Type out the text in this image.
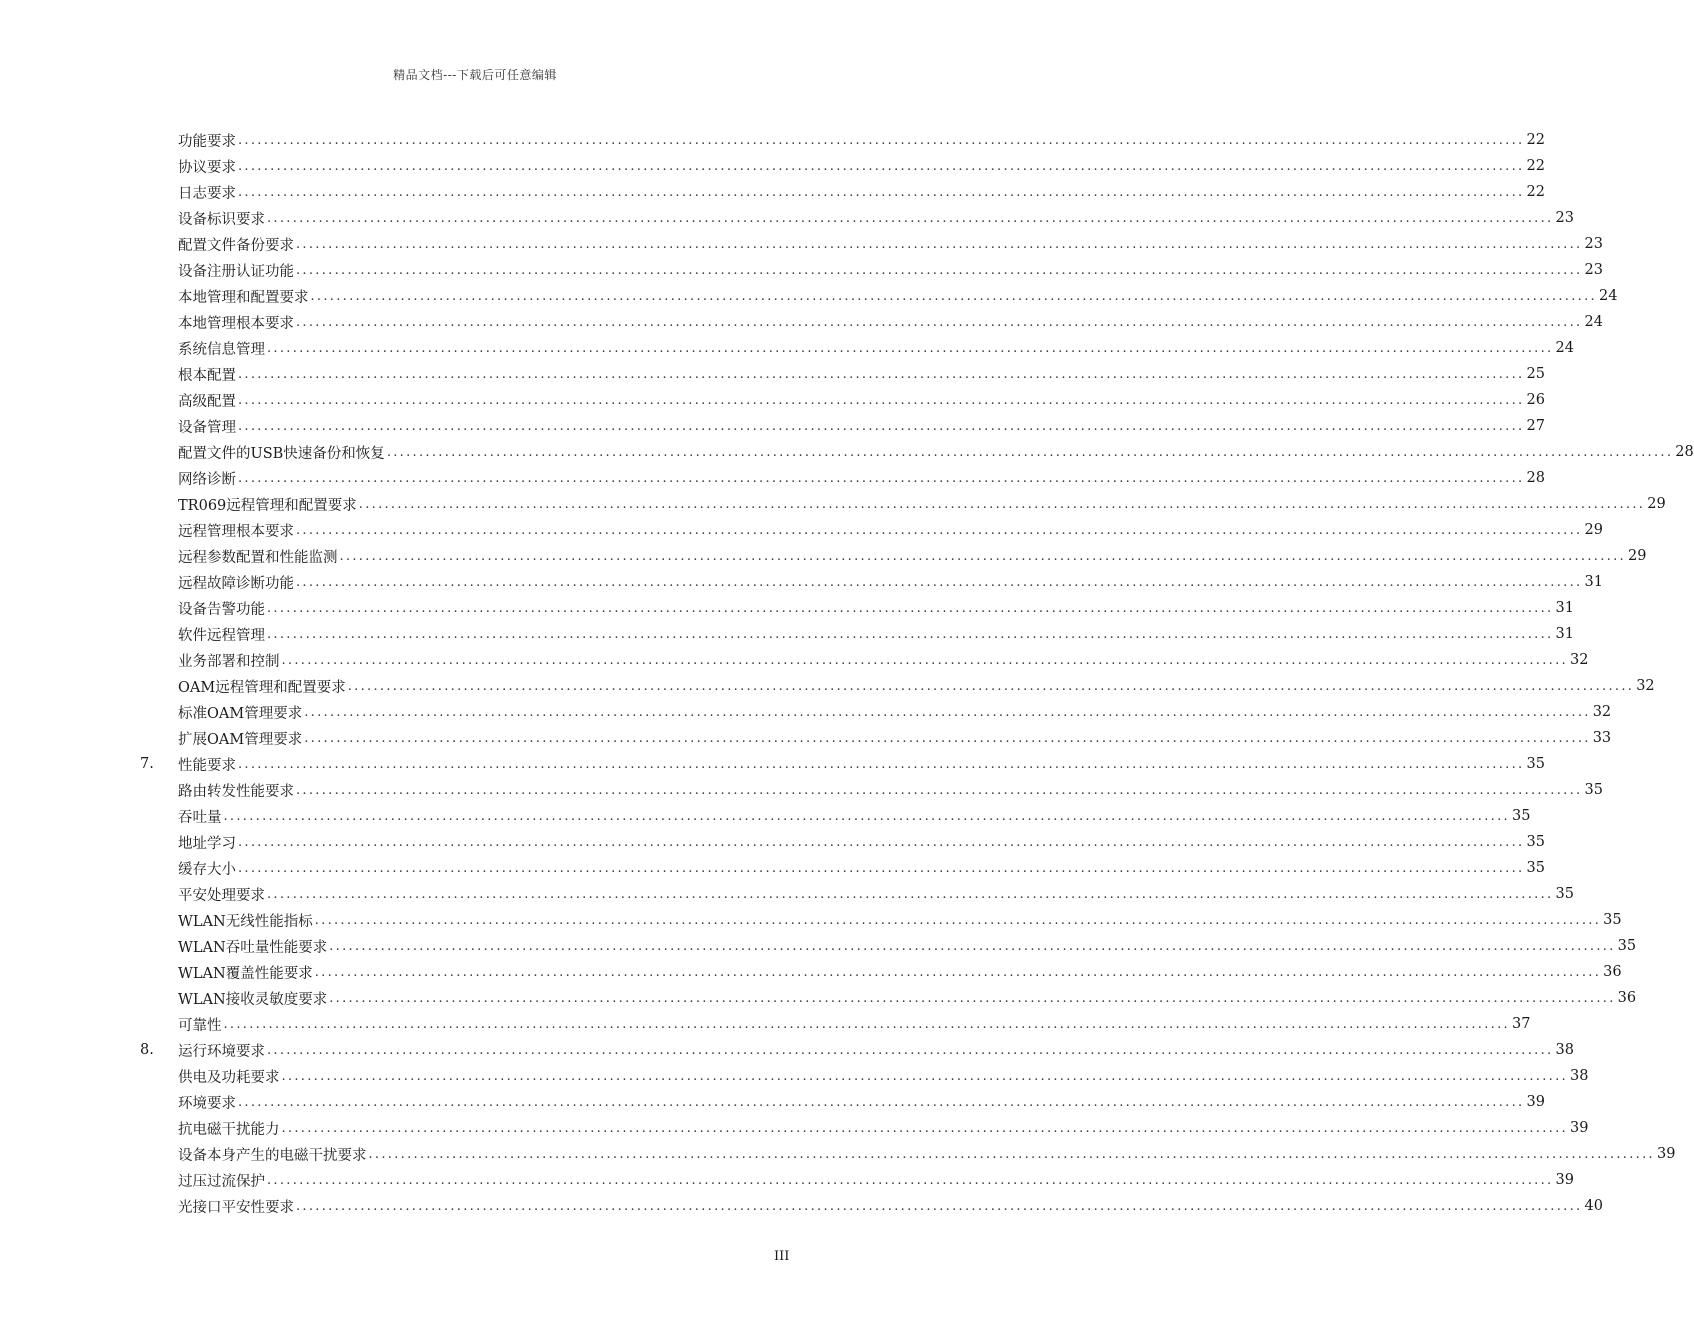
精品文档---下载后可任意编辑
功能要求 ........................................................................................................................................................................................................ 22
协议要求 ........................................................................................................................................................................................................ 22
日志要求 ........................................................................................................................................................................................................ 22
设备标识要求 ........................................................................................................................................................................................................ 23
配置文件备份要求 ........................................................................................................................................................................................................ 23
设备注册认证功能 ........................................................................................................................................................................................................ 23
本地管理和配置要求 ........................................................................................................................................................................................................ 24
本地管理根本要求 ........................................................................................................................................................................................................ 24
系统信息管理 ........................................................................................................................................................................................................ 24
根本配置 ........................................................................................................................................................................................................ 25
高级配置 ........................................................................................................................................................................................................ 26
设备管理 ........................................................................................................................................................................................................ 27
配置文件的USB快速备份和恢复 ........................................................................................................................................................................................................ 28
网络诊断 ........................................................................................................................................................................................................ 28
TR069远程管理和配置要求 ........................................................................................................................................................................................................ 29
远程管理根本要求 ........................................................................................................................................................................................................ 29
远程参数配置和性能监测 ........................................................................................................................................................................................................ 29
远程故障诊断功能 ........................................................................................................................................................................................................ 31
设备告警功能 ........................................................................................................................................................................................................ 31
软件远程管理 ........................................................................................................................................................................................................ 31
业务部署和控制 ........................................................................................................................................................................................................ 32
OAM远程管理和配置要求 ........................................................................................................................................................................................................ 32
标准OAM管理要求 ........................................................................................................................................................................................................ 32
扩展OAM管理要求 ........................................................................................................................................................................................................ 33
7.	性能要求 ........................................................................................................................................................................................................ 35
路由转发性能要求 ........................................................................................................................................................................................................ 35
吞吐量 ........................................................................................................................................................................................................ 35
地址学习 ........................................................................................................................................................................................................ 35
缓存大小 ........................................................................................................................................................................................................ 35
平安处理要求 ........................................................................................................................................................................................................ 35
WLAN无线性能指标 ........................................................................................................................................................................................................ 35
WLAN吞吐量性能要求 ........................................................................................................................................................................................................ 35
WLAN覆盖性能要求 ........................................................................................................................................................................................................ 36
WLAN接收灵敏度要求 ........................................................................................................................................................................................................ 36
可靠性 ........................................................................................................................................................................................................ 37
8.	运行环境要求 ........................................................................................................................................................................................................ 38
供电及功耗要求 ........................................................................................................................................................................................................ 38
环境要求 ........................................................................................................................................................................................................ 39
抗电磁干扰能力 ........................................................................................................................................................................................................ 39
设备本身产生的电磁干扰要求 ........................................................................................................................................................................................................ 39
过压过流保护 ........................................................................................................................................................................................................ 39
光接口平安性要求 ........................................................................................................................................................................................................ 40
III
